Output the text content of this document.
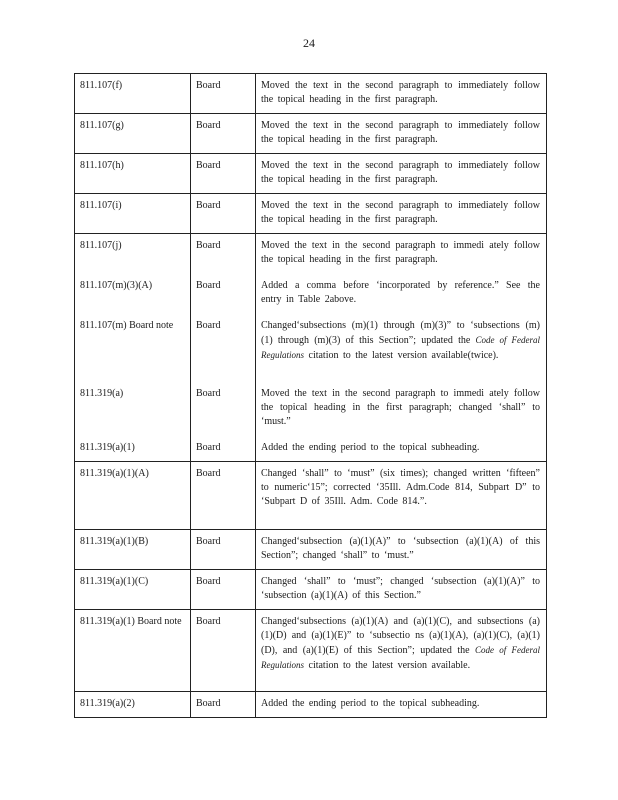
24
811.107(f)	Board	Moved the text in the second paragraph to immediately follow the topical heading in the first paragraph.
811.107(g)	Board	Moved the text in the second paragraph to immediately follow the topical heading in the first paragraph.
811.107(h)	Board	Moved the text in the second paragraph to immediately follow the topical heading in the first paragraph.
811.107(i)	Board	Moved the text in the second paragraph to immediately follow the topical heading in the first paragraph.
811.107(j)	Board	Moved the text in the second paragraph to immedi ately follow the topical heading in the first paragraph.
811.107(m)(3)(A)	Board	Added a comma before ‘incorporated by reference.” See the entry in Table 2above.
811.107(m) Board note	Board	Changed‘subsections (m)(1) through (m)(3)” to ‘subsections (m)(1) through (m)(3) of this Section”; updated the Code of Federal Regulations citation to the latest version available(twice).
811.319(a)	Board	Moved the text in the second paragraph to immedi ately follow the topical heading in the first paragraph; changed ‘shall” to ‘must.”
811.319(a)(1)	Board	Added the ending period to the topical subheading.
811.319(a)(1)(A)	Board	Changed ‘shall” to ‘must” (six times); changed written ‘fifteen” to numeric‘15”; corrected ‘35Ill. Adm.Code 814, Subpart D” to ‘Subpart D of 35Ill. Adm. Code 814.”.
811.319(a)(1)(B)	Board	Changed‘subsection (a)(1)(A)” to ‘subsection (a)(1)(A) of this Section”; changed ‘shall” to ‘must.”
811.319(a)(1)(C)	Board	Changed ‘shall” to ‘must”; changed ‘subsection (a)(1)(A)” to ‘subsection (a)(1)(A) of this Section.”
811.319(a)(1) Board note	Board	Changed‘subsections (a)(1)(A) and (a)(1)(C), and subsections (a)(1)(D) and (a)(1)(E)” to ‘subsectio ns (a)(1)(A), (a)(1)(C), (a)(1)(D), and (a)(1)(E) of this Section”; updated the Code of Federal Regulations citation to the latest version available.
811.319(a)(2)	Board	Added the ending period to the topical subheading.
